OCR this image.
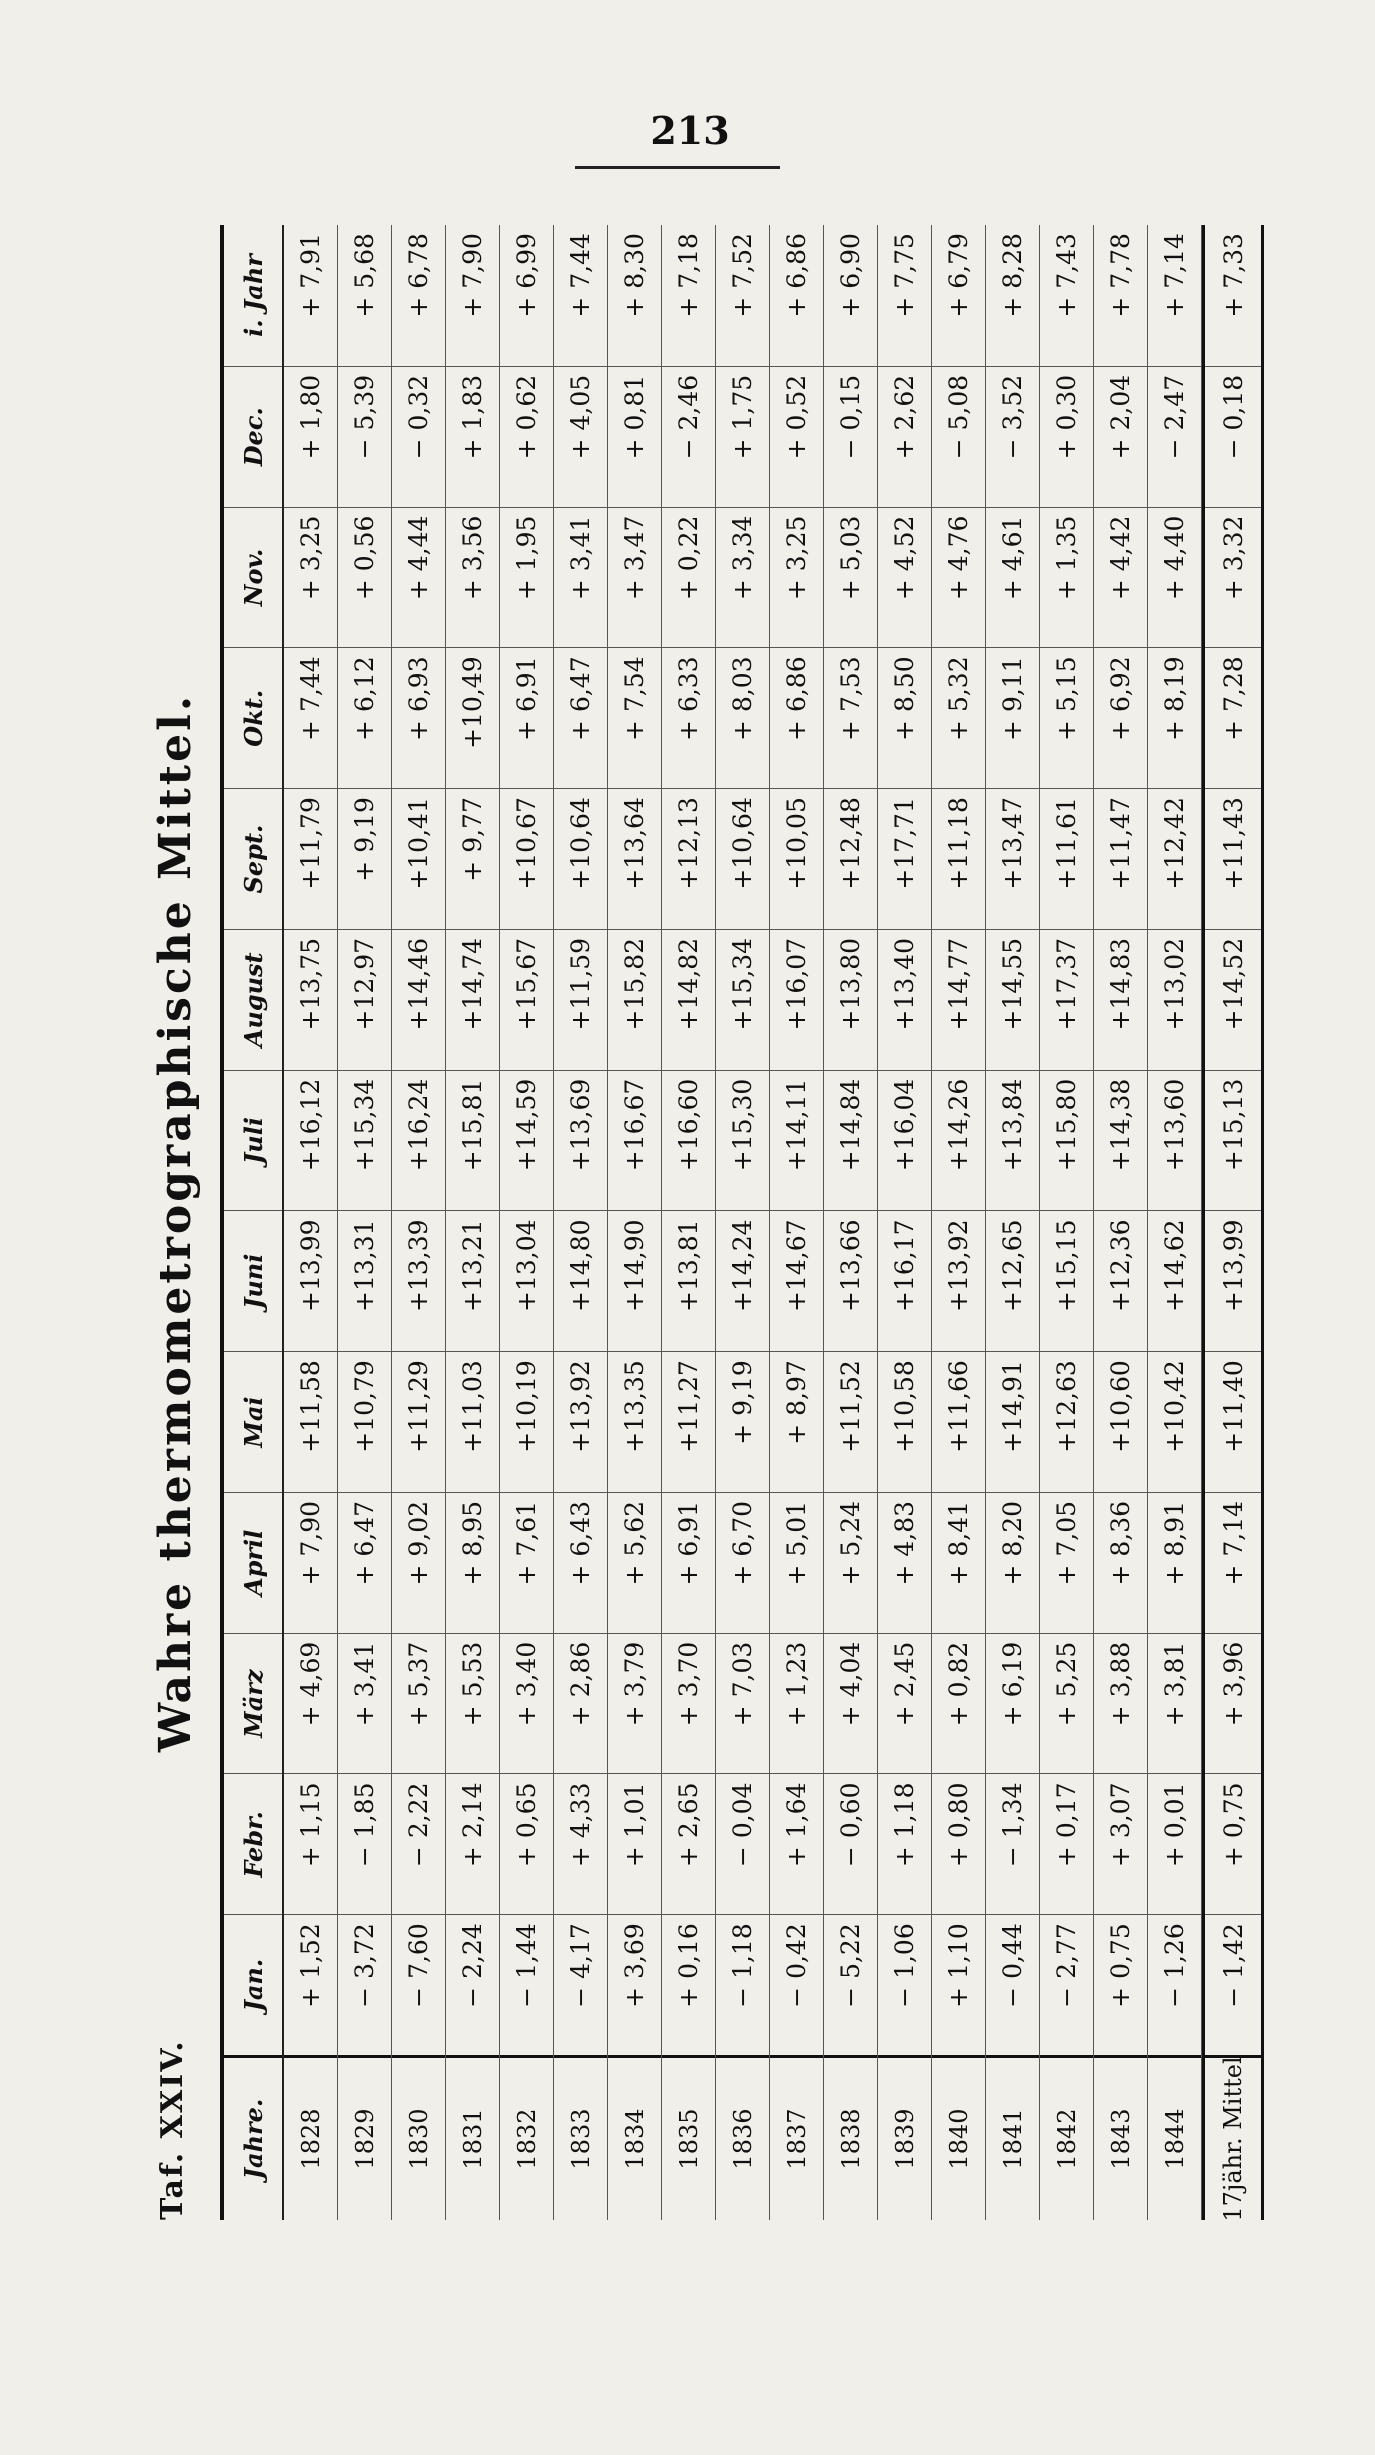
213
Taf. XXIV.
Wahre thermometrographische Mittel.
Jahre.
Jan.
Febr.
März
April
Mai
Juni
Juli
August
Sept.
Okt.
Nov.
Dec.
i. Jahr
1828
+ 1,52
+ 1,15
+ 4,69
+ 7,90
+11,58
+13,99
+16,12
+13,75
+11,79
+ 7,44
+ 3,25
+ 1,80
+ 7,91
1829
− 3,72
− 1,85
+ 3,41
+ 6,47
+10,79
+13,31
+15,34
+12,97
+ 9,19
+ 6,12
+ 0,56
− 5,39
+ 5,68
1830
− 7,60
− 2,22
+ 5,37
+ 9,02
+11,29
+13,39
+16,24
+14,46
+10,41
+ 6,93
+ 4,44
− 0,32
+ 6,78
1831
− 2,24
+ 2,14
+ 5,53
+ 8,95
+11,03
+13,21
+15,81
+14,74
+ 9,77
+10,49
+ 3,56
+ 1,83
+ 7,90
1832
− 1,44
+ 0,65
+ 3,40
+ 7,61
+10,19
+13,04
+14,59
+15,67
+10,67
+ 6,91
+ 1,95
+ 0,62
+ 6,99
1833
− 4,17
+ 4,33
+ 2,86
+ 6,43
+13,92
+14,80
+13,69
+11,59
+10,64
+ 6,47
+ 3,41
+ 4,05
+ 7,44
1834
+ 3,69
+ 1,01
+ 3,79
+ 5,62
+13,35
+14,90
+16,67
+15,82
+13,64
+ 7,54
+ 3,47
+ 0,81
+ 8,30
1835
+ 0,16
+ 2,65
+ 3,70
+ 6,91
+11,27
+13,81
+16,60
+14,82
+12,13
+ 6,33
+ 0,22
− 2,46
+ 7,18
1836
− 1,18
− 0,04
+ 7,03
+ 6,70
+ 9,19
+14,24
+15,30
+15,34
+10,64
+ 8,03
+ 3,34
+ 1,75
+ 7,52
1837
− 0,42
+ 1,64
+ 1,23
+ 5,01
+ 8,97
+14,67
+14,11
+16,07
+10,05
+ 6,86
+ 3,25
+ 0,52
+ 6,86
1838
− 5,22
− 0,60
+ 4,04
+ 5,24
+11,52
+13,66
+14,84
+13,80
+12,48
+ 7,53
+ 5,03
− 0,15
+ 6,90
1839
− 1,06
+ 1,18
+ 2,45
+ 4,83
+10,58
+16,17
+16,04
+13,40
+17,71
+ 8,50
+ 4,52
+ 2,62
+ 7,75
1840
+ 1,10
+ 0,80
+ 0,82
+ 8,41
+11,66
+13,92
+14,26
+14,77
+11,18
+ 5,32
+ 4,76
− 5,08
+ 6,79
1841
− 0,44
− 1,34
+ 6,19
+ 8,20
+14,91
+12,65
+13,84
+14,55
+13,47
+ 9,11
+ 4,61
− 3,52
+ 8,28
1842
− 2,77
+ 0,17
+ 5,25
+ 7,05
+12,63
+15,15
+15,80
+17,37
+11,61
+ 5,15
+ 1,35
+ 0,30
+ 7,43
1843
+ 0,75
+ 3,07
+ 3,88
+ 8,36
+10,60
+12,36
+14,38
+14,83
+11,47
+ 6,92
+ 4,42
+ 2,04
+ 7,78
1844
− 1,26
+ 0,01
+ 3,81
+ 8,91
+10,42
+14,62
+13,60
+13,02
+12,42
+ 8,19
+ 4,40
− 2,47
+ 7,14
17jähr. Mittel
− 1,42
+ 0,75
+ 3,96
+ 7,14
+11,40
+13,99
+15,13
+14,52
+11,43
+ 7,28
+ 3,32
− 0,18
+ 7,33
